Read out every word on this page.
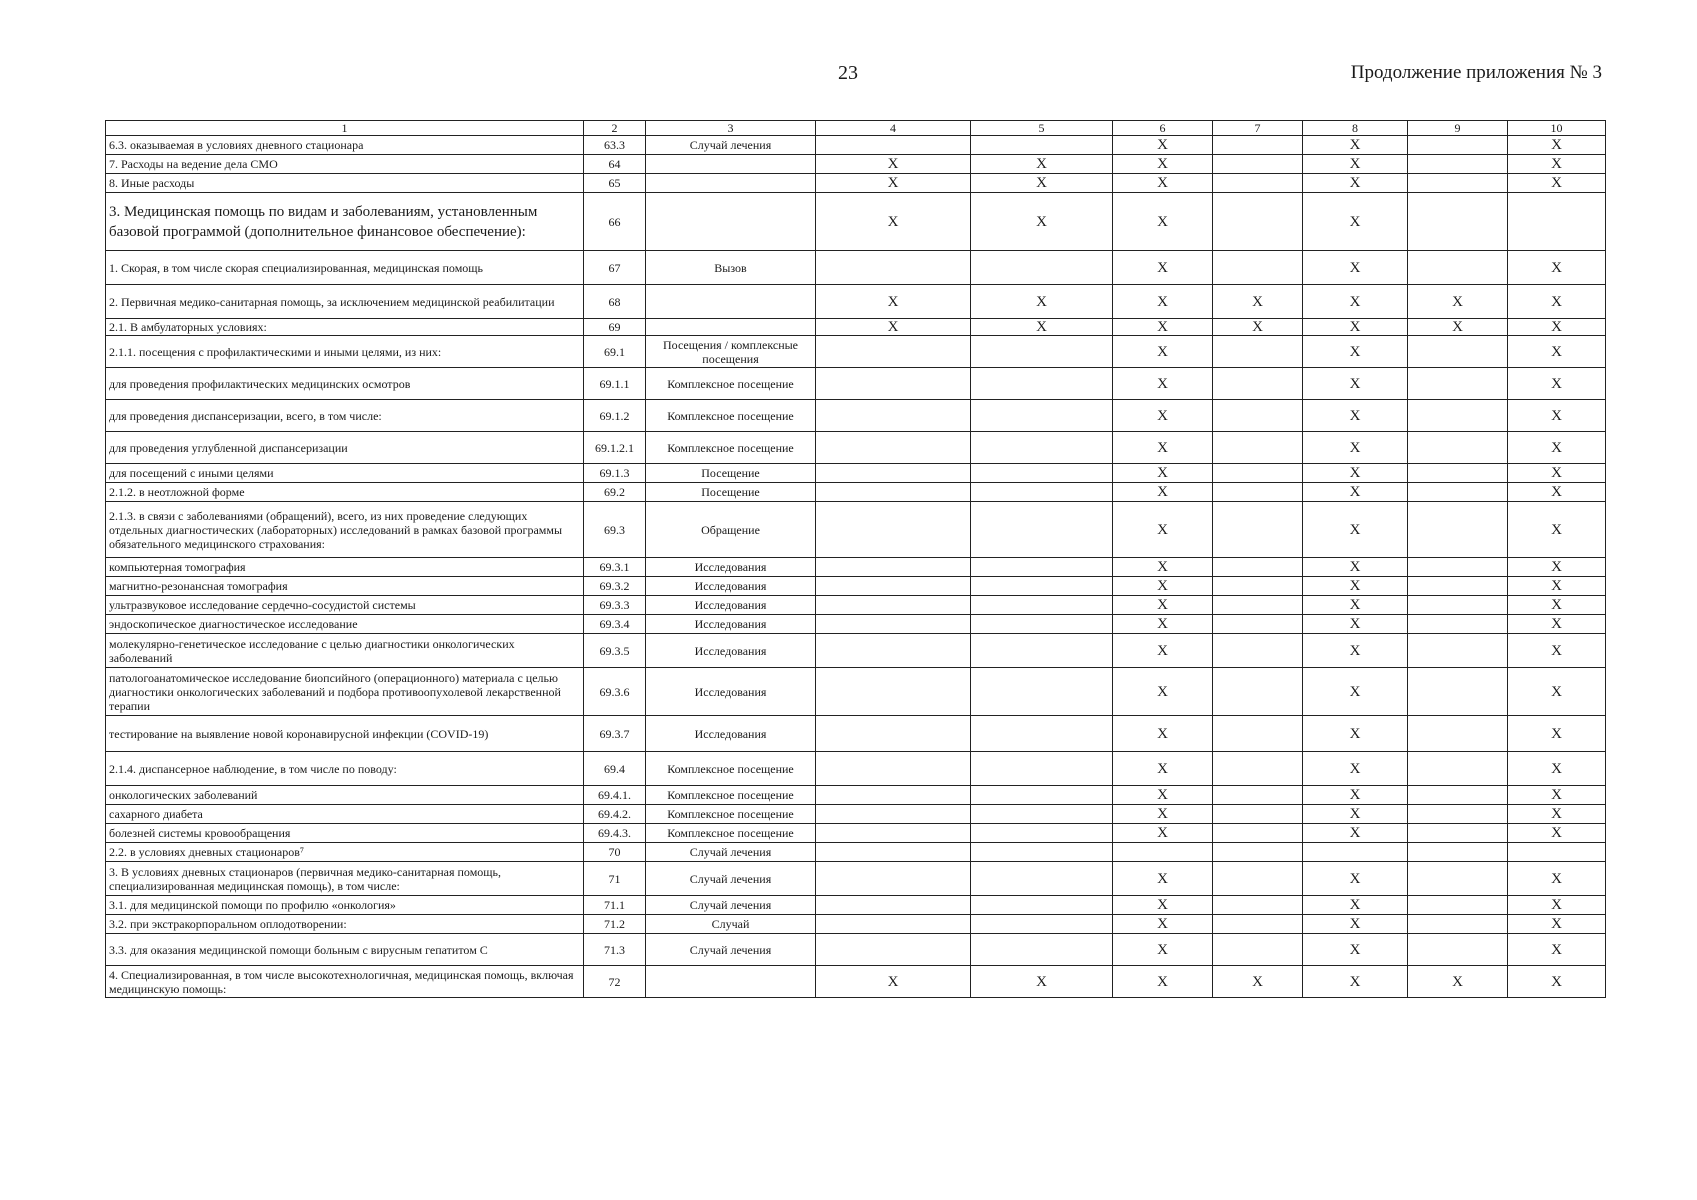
23	Продолжение приложения № 3
1	2	3	4	5	6	7	8	9	10
6.3. оказываемая в условиях дневного стационара	63.3	Случай лечения			X		X		X
7. Расходы на ведение дела СМО	64		X	X	X		X		X
8. Иные расходы	65		X	X	X		X		X
3. Медицинская помощь по видам и заболеваниям, установленным базовой программой (дополнительное финансовое обеспечение):	66		X	X	X		X		
1. Скорая, в том числе скорая специализированная, медицинская помощь	67	Вызов			X		X		X
2. Первичная медико-санитарная помощь, за исключением медицинской реабилитации	68		X	X	X	X	X	X	X
2.1. В амбулаторных условиях:	69		X	X	X	X	X	X	X
2.1.1. посещения с профилактическими и иными целями, из них:	69.1	Посещения / комплексные посещения			X		X		X
для проведения профилактических медицинских осмотров	69.1.1	Комплексное посещение			X		X		X
для проведения диспансеризации, всего, в том числе:	69.1.2	Комплексное посещение			X		X		X
для проведения углубленной диспансеризации	69.1.2.1	Комплексное посещение			X		X		X
для посещений с иными целями	69.1.3	Посещение			X		X		X
2.1.2. в неотложной форме	69.2	Посещение			X		X		X
2.1.3. в связи с заболеваниями (обращений), всего, из них проведение следующих отдельных диагностических (лабораторных) исследований в рамках базовой программы обязательного медицинского страхования:	69.3	Обращение			X		X		X
компьютерная томография	69.3.1	Исследования			X		X		X
магнитно-резонансная томография	69.3.2	Исследования			X		X		X
ультразвуковое исследование сердечно-сосудистой системы	69.3.3	Исследования			X		X		X
эндоскопическое диагностическое исследование	69.3.4	Исследования			X		X		X
молекулярно-генетическое исследование с целью диагностики онкологических заболеваний	69.3.5	Исследования			X		X		X
патологоанатомическое исследование биопсийного (операционного) материала с целью диагностики онкологических заболеваний и подбора противоопухолевой лекарственной терапии	69.3.6	Исследования			X		X		X
тестирование на выявление новой коронавирусной инфекции (COVID-19)	69.3.7	Исследования			X		X		X
2.1.4. диспансерное наблюдение, в том числе по поводу:	69.4	Комплексное посещение			X		X		X
онкологических заболеваний	69.4.1.	Комплексное посещение			X		X		X
сахарного диабета	69.4.2.	Комплексное посещение			X		X		X
болезней системы кровообращения	69.4.3.	Комплексное посещение			X		X		X
2.2. в условиях дневных стационаров⁷	70	Случай лечения							
3. В условиях дневных стационаров (первичная медико-санитарная помощь, специализированная медицинская помощь), в том числе:	71	Случай лечения			X		X		X
3.1. для медицинской помощи по профилю «онкология»	71.1	Случай лечения			X		X		X
3.2. при экстракорпоральном оплодотворении:	71.2	Случай			X		X		X
3.3. для оказания медицинской помощи больным с вирусным гепатитом С	71.3	Случай лечения			X		X		X
4. Специализированная, в том числе высокотехнологичная, медицинская помощь, включая медицинскую помощь:	72		X	X	X	X	X	X	X
